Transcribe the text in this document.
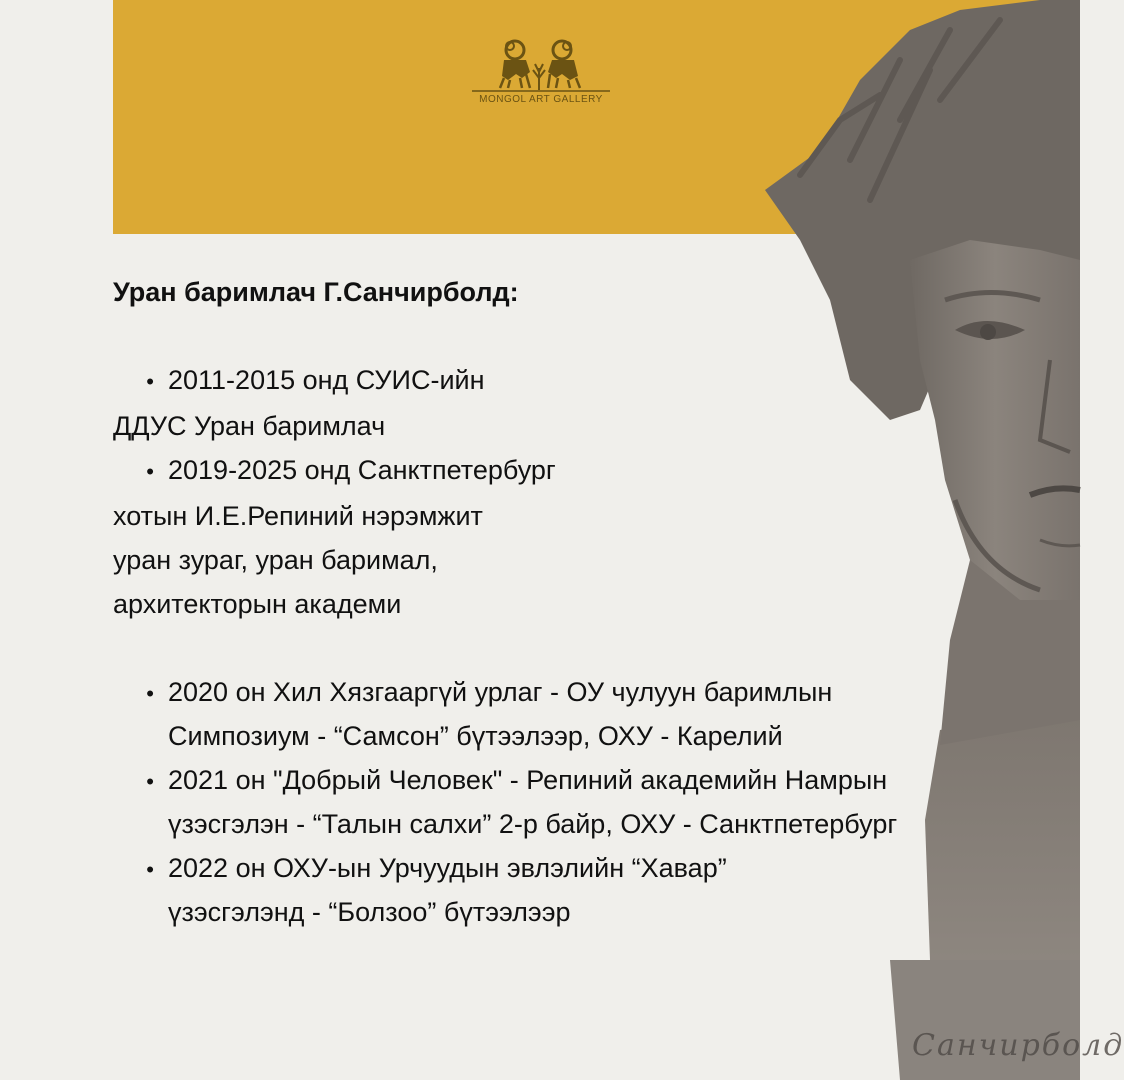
MONGOL ART GALLERY
Санчирболд
Уран баримлач Г.Санчирболд:
•
2011-2015 онд СУИС-ийн
ДДУС Уран баримлач
•
2019-2025 онд Санктпетербург
хотын И.Е.Репиний нэрэмжит
уран зураг, уран баримал,
архитекторын академи
•
2020 он Хил Хязгааргүй урлаг - ОУ чулуун баримлын Симпозиум - “Самсон” бүтээлээр, ОХУ - Карелий
•
2021 он "Добрый Человек" - Репиний академийн Намрын үзэсгэлэн - “Талын салхи” 2-р байр, ОХУ - Санктпетербург
•
2022 он ОХУ-ын Урчуудын эвлэлийн “Хавар” үзэсгэлэнд - “Болзоо” бүтээлээр
